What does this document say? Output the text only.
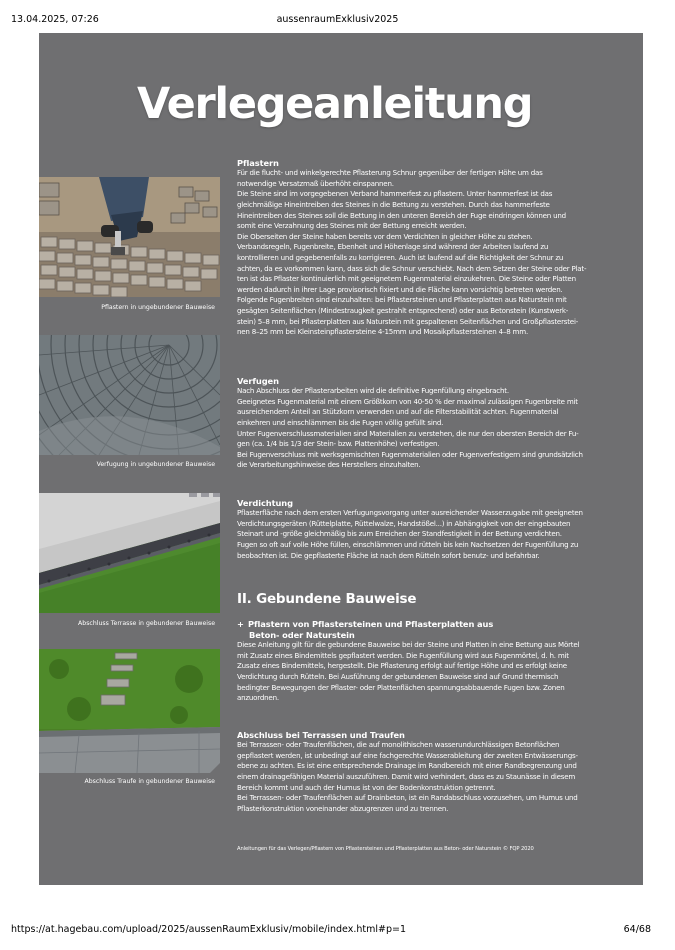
13.04.2025, 07:26	aussenraumExklusiv2025
Verlegeanleitung
Pflastern in ungebundener Bauweise
Verfugung in ungebundener Bauweise
Abschluss Terrasse in gebundener Bauweise
Abschluss Traufe in gebundener Bauweise
Pflastern

Für die flucht- und winkelgerechte Pflasterung Schnur gegenüber der fertigen Höhe um das

notwendige Versatzmaß überhöht einspannen.

Die Steine sind im vorgegebenen Verband hammerfest zu pflastern. Unter hammerfest ist das

gleichmäßige Hineintreiben des Steines in die Bettung zu verstehen. Durch das hammerfeste

Hineintreiben des Steines soll die Bettung in den unteren Bereich der Fuge eindringen können und

somit eine Verzahnung des Steines mit der Bettung erreicht werden.

Die Oberseiten der Steine haben bereits vor dem Verdichten in gleicher Höhe zu stehen.

Verbandsregeln, Fugenbreite, Ebenheit und Höhenlage sind während der Arbeiten laufend zu

kontrollieren und gegebenenfalls zu korrigieren. Auch ist laufend auf die Richtigkeit der Schnur zu

achten, da es vorkommen kann, dass sich die Schnur verschiebt. Nach dem Setzen der Steine oder Plat-

ten ist das Pflaster kontinuierlich mit geeignetem Fugenmaterial einzukehren. Die Steine oder Platten

werden dadurch in ihrer Lage provisorisch fixiert und die Fläche kann vorsichtig betreten werden.

Folgende Fugenbreiten sind einzuhalten: bei Pflastersteinen und Pflasterplatten aus Naturstein mit

gesägten Seitenflächen (Mindestraugkeit gestrahlt entsprechend) oder aus Betonstein (Kunstwerk-

stein) 5–8 mm, bei Pflasterplatten aus Naturstein mit gespaltenen Seitenflächen und Großpflasterstei-

nen 8–25 mm bei Kleinsteinpflastersteine 4-15mm und Mosaikpflastersteinen 4–8 mm.

Verfugen

Nach Abschluss der Pflasterarbeiten wird die definitive Fugenfüllung eingebracht.

Geeignetes Fugenmaterial mit einem Größtkorn von 40-50 % der maximal zulässigen Fugenbreite mit

ausreichendem Anteil an Stützkorn verwenden und auf die Filterstabilität achten. Fugenmaterial

einkehren und einschlämmen bis die Fugen völlig gefüllt sind.

Unter Fugenverschlussmaterialien sind Materialien zu verstehen, die nur den obersten Bereich der Fu-

gen (ca. 1/4 bis 1/3 der Stein- bzw. Plattenhöhe) verfestigen.

Bei Fugenverschluss mit werksgemischten Fugenmaterialien oder Fugenverfestigern sind grundsätzlich

die Verarbeitungshinweise des Herstellers einzuhalten.

Verdichtung

Pflasterfläche nach dem ersten Verfugungsvorgang unter ausreichender Wasserzugabe mit geeigneten

Verdichtungsgeräten (Rüttelplatte, Rüttelwalze, Handstößel...) in Abhängigkeit von der eingebauten

Steinart und -größe gleichmäßig bis zum Erreichen der Standfestigkeit in der Bettung verdichten.

Fugen so oft auf volle Höhe füllen, einschlämmen und rütteln bis kein Nachsetzen der Fugenfüllung zu

beobachten ist. Die gepflasterte Fläche ist nach dem Rütteln sofort benutz- und befahrbar.

II. Gebundene Bauweise
+ Pflastern von Pflastersteinen und Pflasterplatten aus
Beton- oder Naturstein

Diese Anleitung gilt für die gebundene Bauweise bei der Steine und Platten in eine Bettung aus Mörtel

mit Zusatz eines Bindemittels gepflastert werden. Die Fugenfüllung wird aus Fugenmörtel, d. h. mit

Zusatz eines Bindemittels, hergestellt. Die Pflasterung erfolgt auf fertige Höhe und es erfolgt keine

Verdichtung durch Rütteln. Bei Ausführung der gebundenen Bauweise sind auf Grund thermisch

bedingter Bewegungen der Pflaster- oder Plattenflächen spannungsabbauende Fugen bzw. Zonen

anzuordnen.

Abschluss bei Terrassen und Traufen

Bei Terrassen- oder Traufenflächen, die auf monolithischen wasserundurchlässigen Betonflächen

gepflastert werden, ist unbedingt auf eine fachgerechte Wasserableitung der zweiten Entwässerungs-

ebene zu achten. Es ist eine entsprechende Drainage im Randbereich mit einer Randbegrenzung und

einem drainagefähigen Material auszuführen. Damit wird verhindert, dass es zu Staunässe in diesem

Bereich kommt und auch der Humus ist von der Bodenkonstruktion getrennt.

Bei Terrassen- oder Traufenflächen auf Drainbeton, ist ein Randabschluss vorzusehen, um Humus und

Pflasterkonstruktion voneinander abzugrenzen und zu trennen.

Anleitungen für das Verlegen/Pflastern von Pflastersteinen und Pflasterplatten aus Beton- oder Naturstein © FQP 2020
https://at.hagebau.com/upload/2025/aussenRaumExklusiv/mobile/index.html#p=1	64/68
